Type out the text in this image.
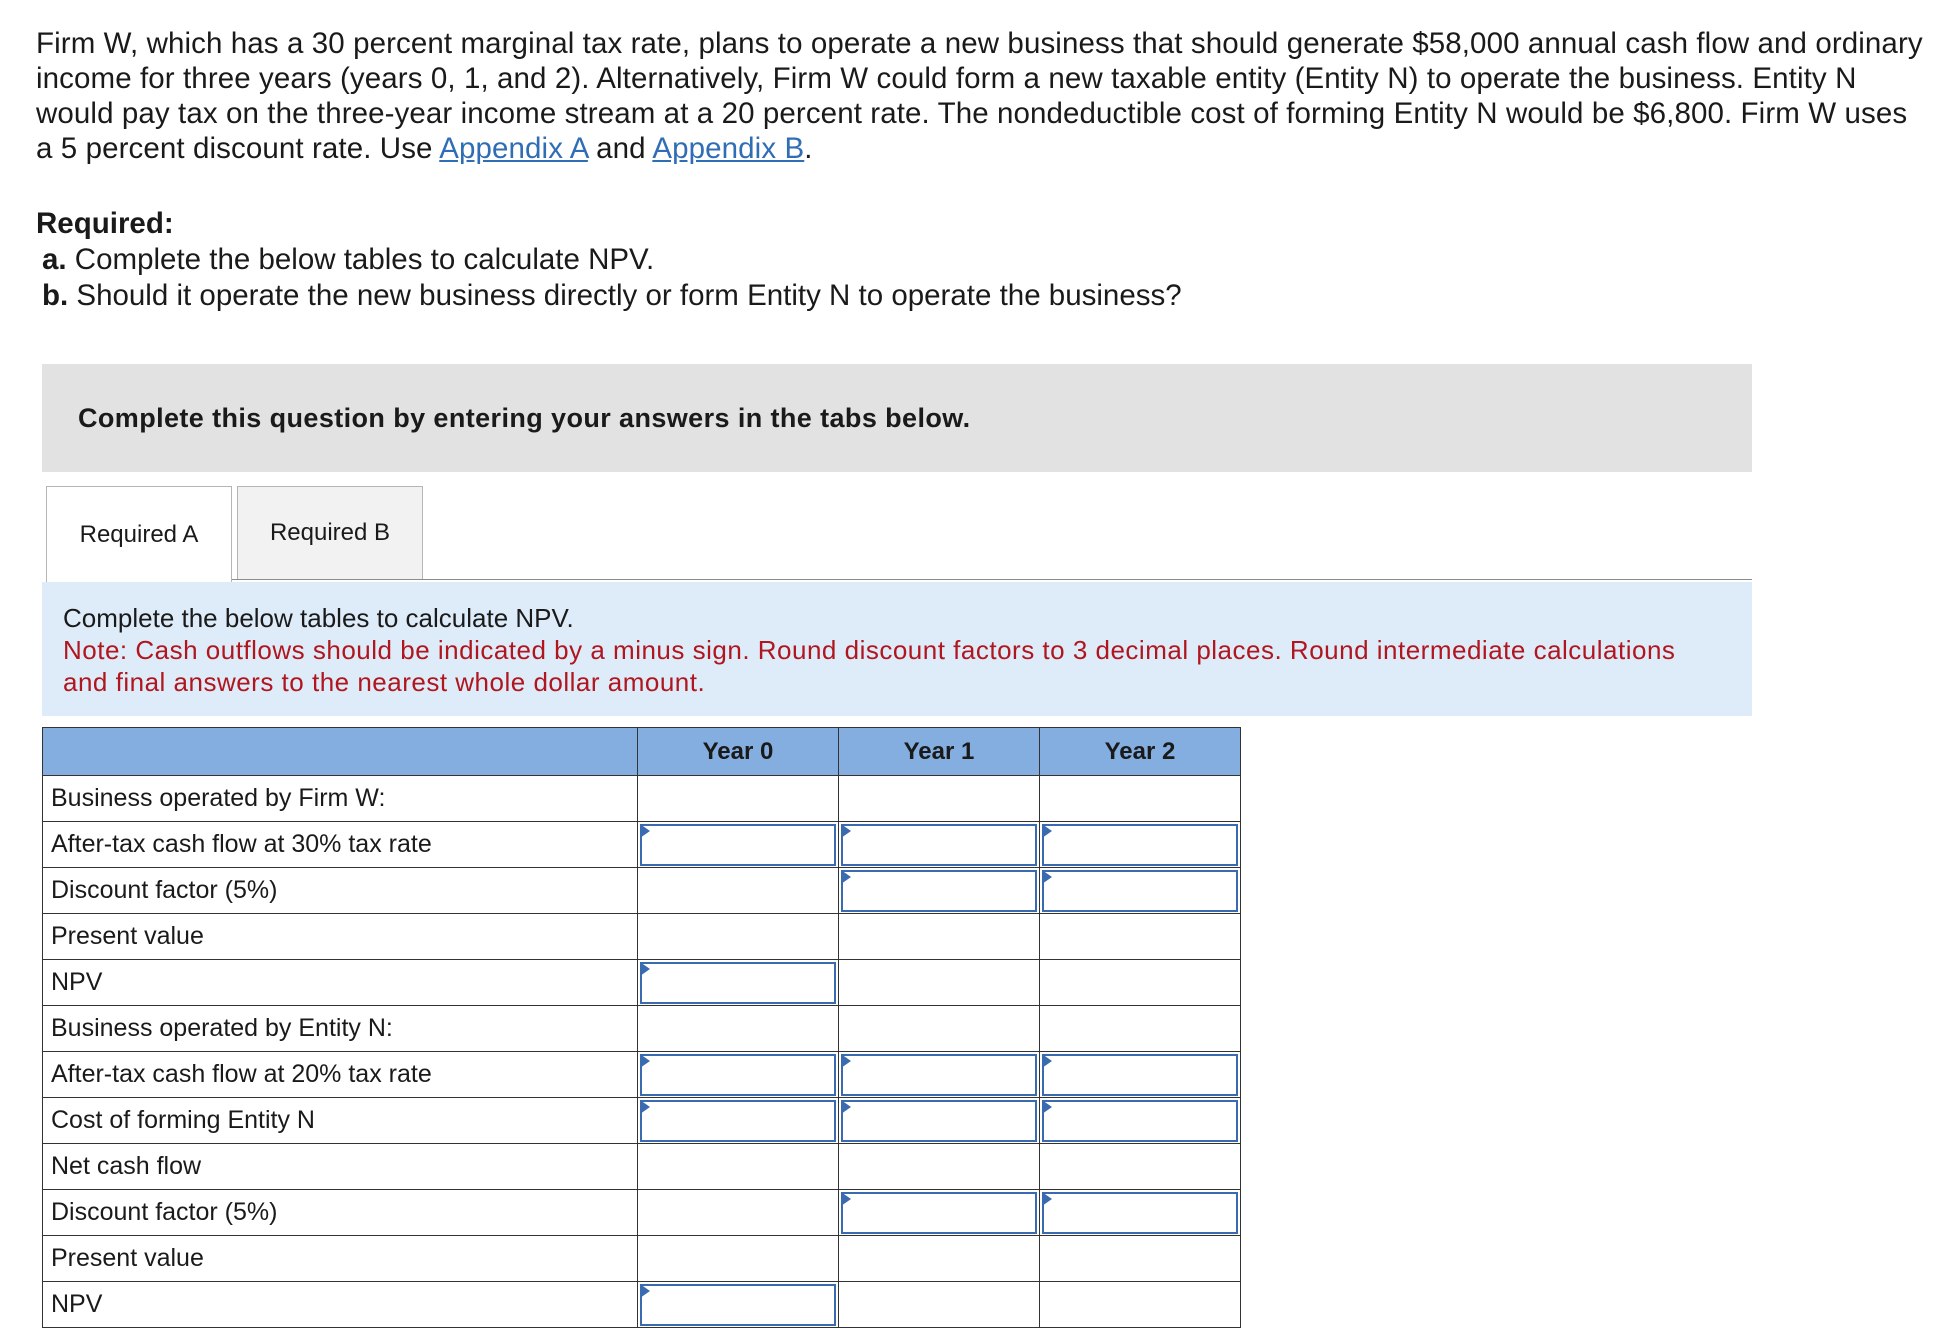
Firm W, which has a 30 percent marginal tax rate, plans to operate a new business that should generate $58,000 annual cash flow and ordinary income for three years (years 0, 1, and 2). Alternatively, Firm W could form a new taxable entity (Entity N) to operate the business. Entity N would pay tax on the three-year income stream at a 20 percent rate. The nondeductible cost of forming Entity N would be $6,800. Firm W uses a 5 percent discount rate. Use Appendix A and Appendix B.
Required:
a. Complete the below tables to calculate NPV.
b. Should it operate the new business directly or form Entity N to operate the business?
Complete this question by entering your answers in the tabs below.
Required A	Required B
Complete the below tables to calculate NPV.
Note: Cash outflows should be indicated by a minus sign. Round discount factors to 3 decimal places. Round intermediate calculations and final answers to the nearest whole dollar amount.
	Year 0	Year 1	Year 2
Business operated by Firm W:			
After-tax cash flow at 30% tax rate	

Discount factor (5%)		

Present value			
NPV	

Business operated by Entity N:			
After-tax cash flow at 20% tax rate	

Cost of forming Entity N	

Net cash flow			
Discount factor (5%)		

Present value			
NPV	
